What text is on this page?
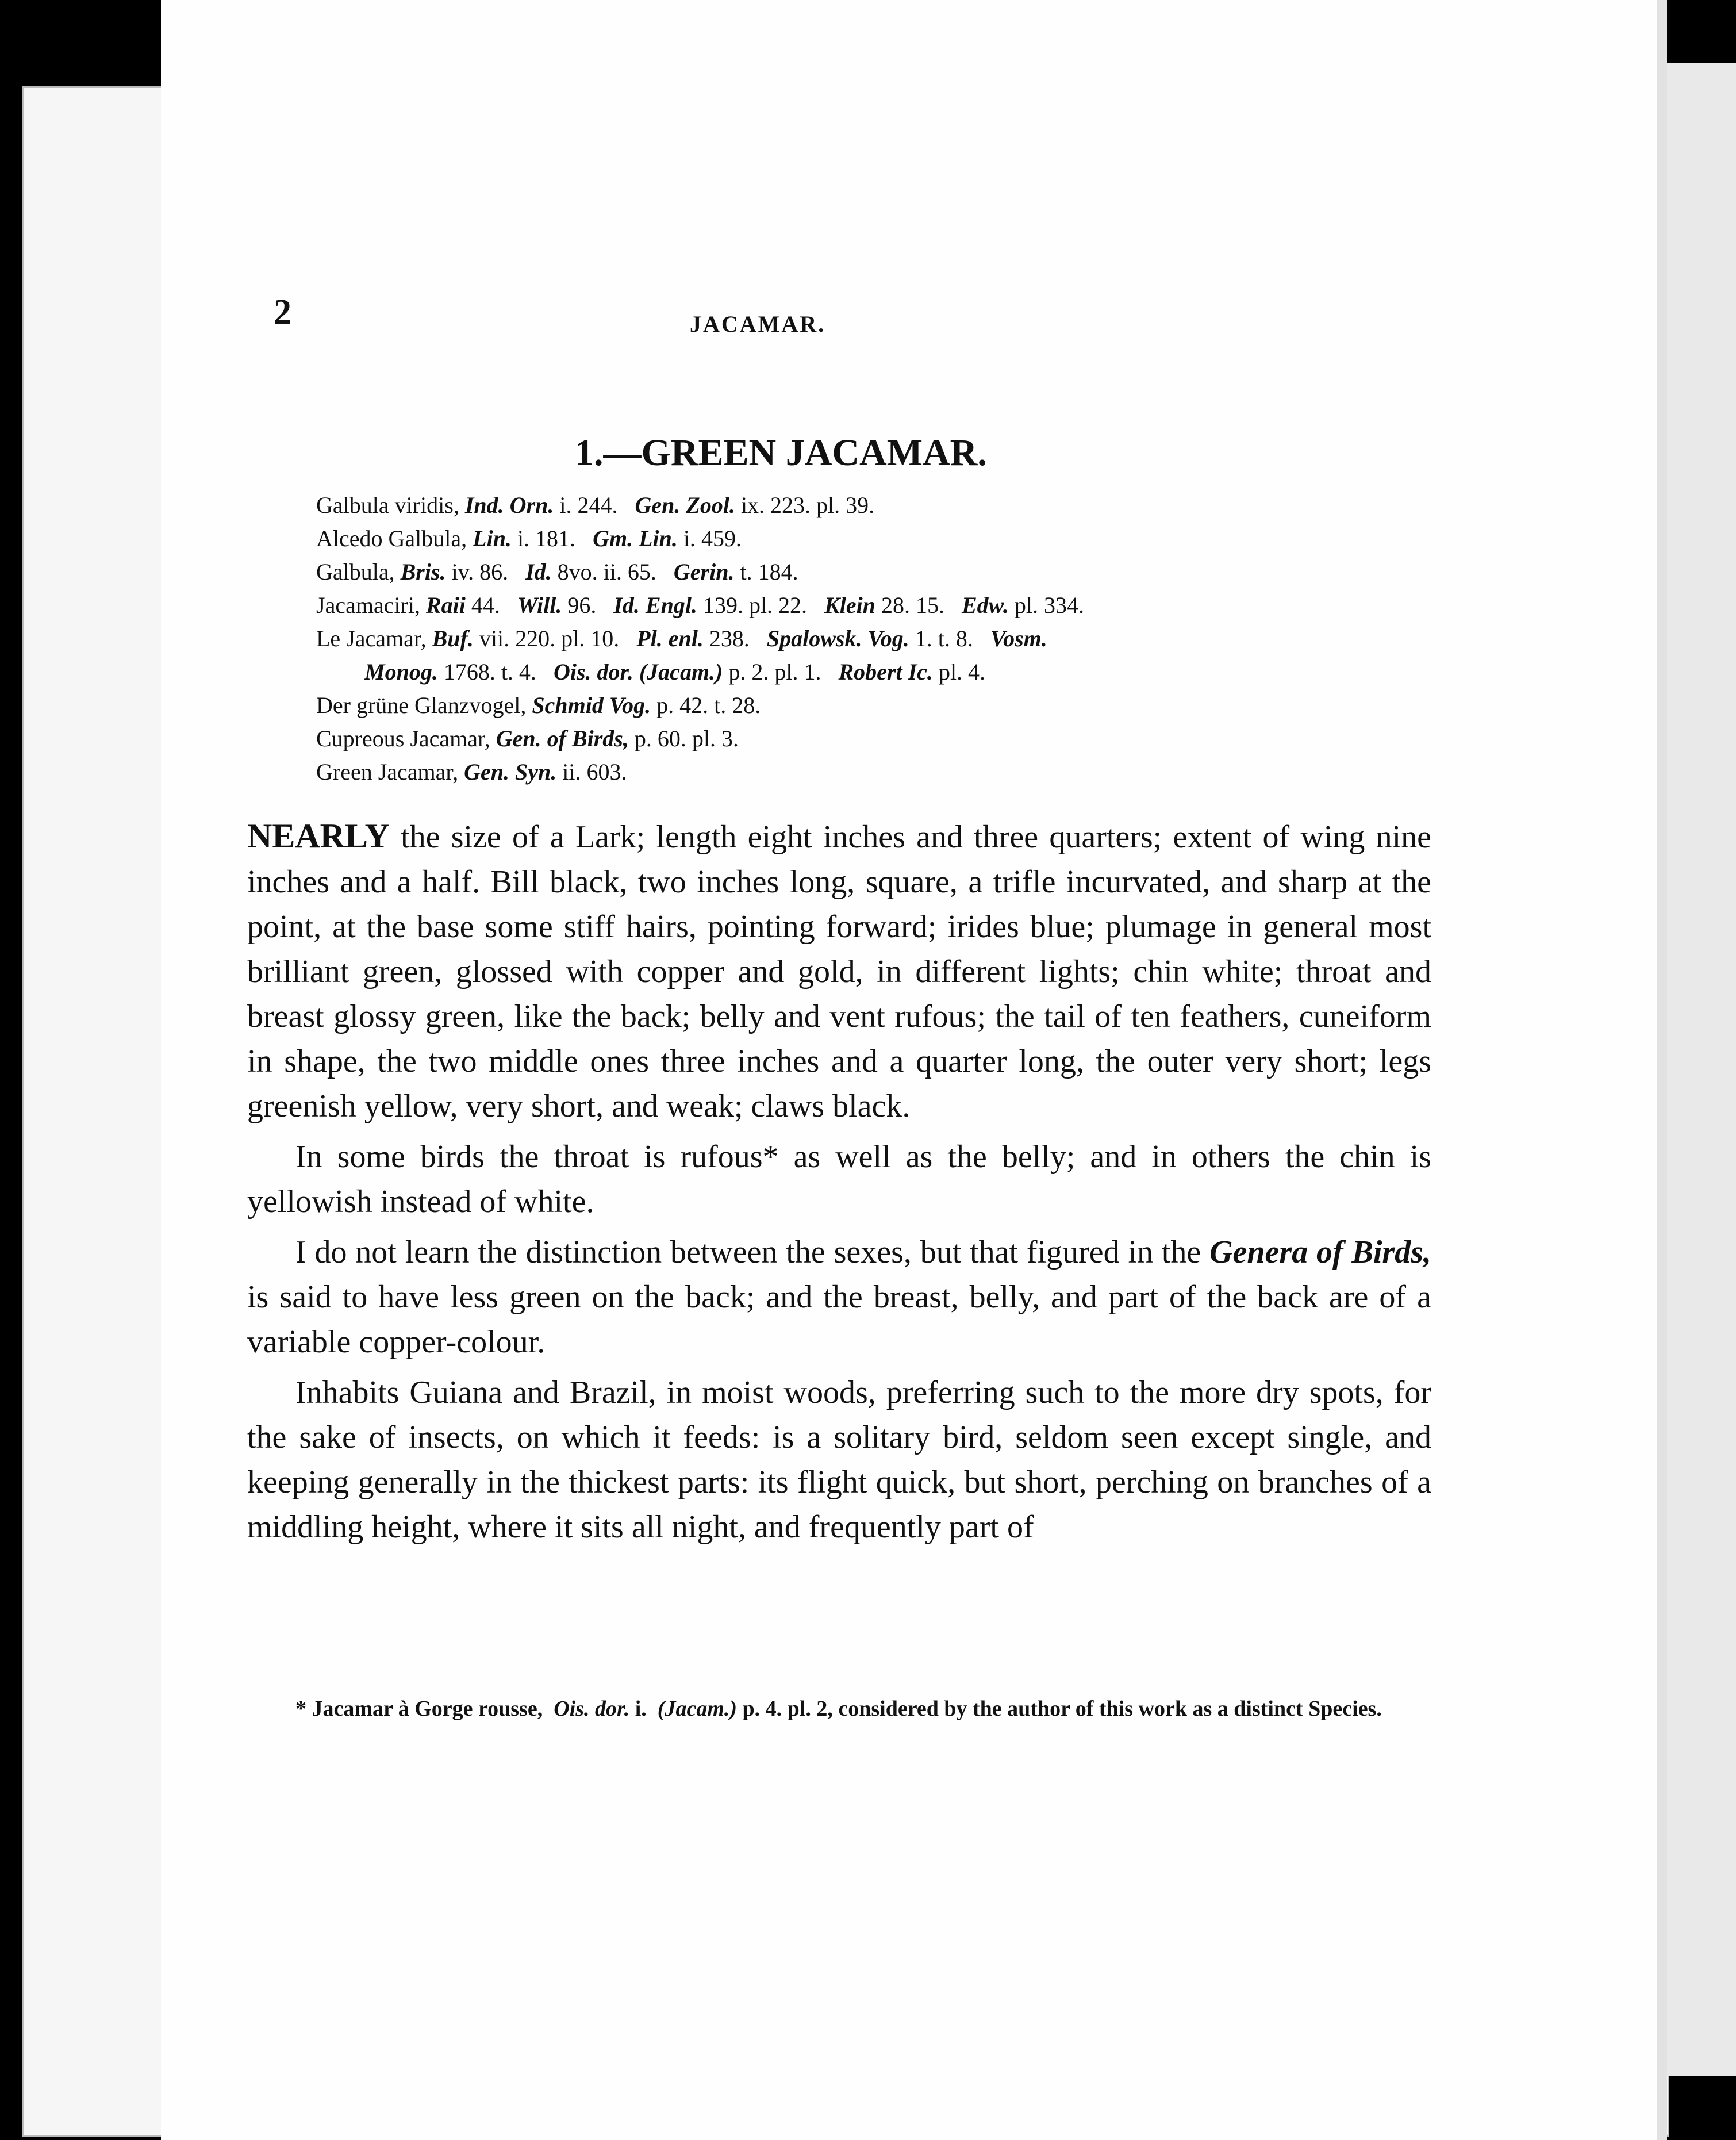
2	JACAMAR.
1.—GREEN JACAMAR.
Galbula viridis, Ind. Orn. i. 244. Gen. Zool. ix. 223. pl. 39.
Alcedo Galbula, Lin. i. 181. Gm. Lin. i. 459.
Galbula, Bris. iv. 86. Id. 8vo. ii. 65. Gerin. t. 184.
Jacamaciri, Raii 44. Will. 96. Id. Engl. 139. pl. 22. Klein 28. 15. Edw. pl. 334.
Le Jacamar, Buf. vii. 220. pl. 10. Pl. enl. 238. Spalowsk. Vog. 1. t. 8. Vosm.
Monog. 1768. t. 4. Ois. dor. (Jacam.) p. 2. pl. 1. Robert Ic. pl. 4.
Der grüne Glanzvogel, Schmid Vog. p. 42. t. 28.
Cupreous Jacamar, Gen. of Birds, p. 60. pl. 3.
Green Jacamar, Gen. Syn. ii. 603.

NEARLY the size of a Lark; length eight inches and three quarters; extent of wing nine inches and a half. Bill black, two inches long, square, a trifle incurvated, and sharp at the point, at the base some stiff hairs, pointing forward; irides blue; plumage in general most brilliant green, glossed with copper and gold, in different lights; chin white; throat and breast glossy green, like the back; belly and vent rufous; the tail of ten feathers, cuneiform in shape, the two middle ones three inches and a quarter long, the outer very short; legs greenish yellow, very short, and weak; claws black.

In some birds the throat is rufous* as well as the belly; and in others the chin is yellowish instead of white.

I do not learn the distinction between the sexes, but that figured in the Genera of Birds, is said to have less green on the back; and the breast, belly, and part of the back are of a variable copper-colour.

Inhabits Guiana and Brazil, in moist woods, preferring such to the more dry spots, for the sake of insects, on which it feeds: is a solitary bird, seldom seen except single, and keeping generally in the thickest parts: its flight quick, but short, perching on branches of a middling height, where it sits all night, and frequently part of

* Jacamar à Gorge rousse, Ois. dor. i. (Jacam.) p. 4. pl. 2, considered by the author of this work as a distinct Species.
